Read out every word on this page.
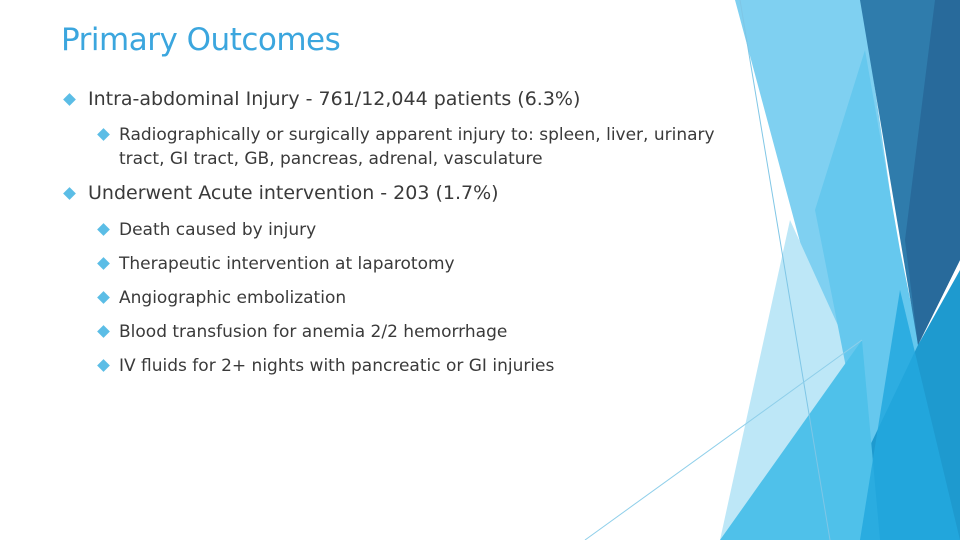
Primary Outcomes
Intra-abdominal Injury - 761/12,044 patients (6.3%)
Radiographically or surgically apparent injury to: spleen, liver, urinary tract, GI tract, GB, pancreas, adrenal, vasculature
Underwent Acute intervention - 203 (1.7%)
Death caused by injury
Therapeutic intervention at laparotomy
Angiographic embolization
Blood transfusion for anemia 2/2 hemorrhage
IV fluids for 2+ nights with pancreatic or GI injuries
